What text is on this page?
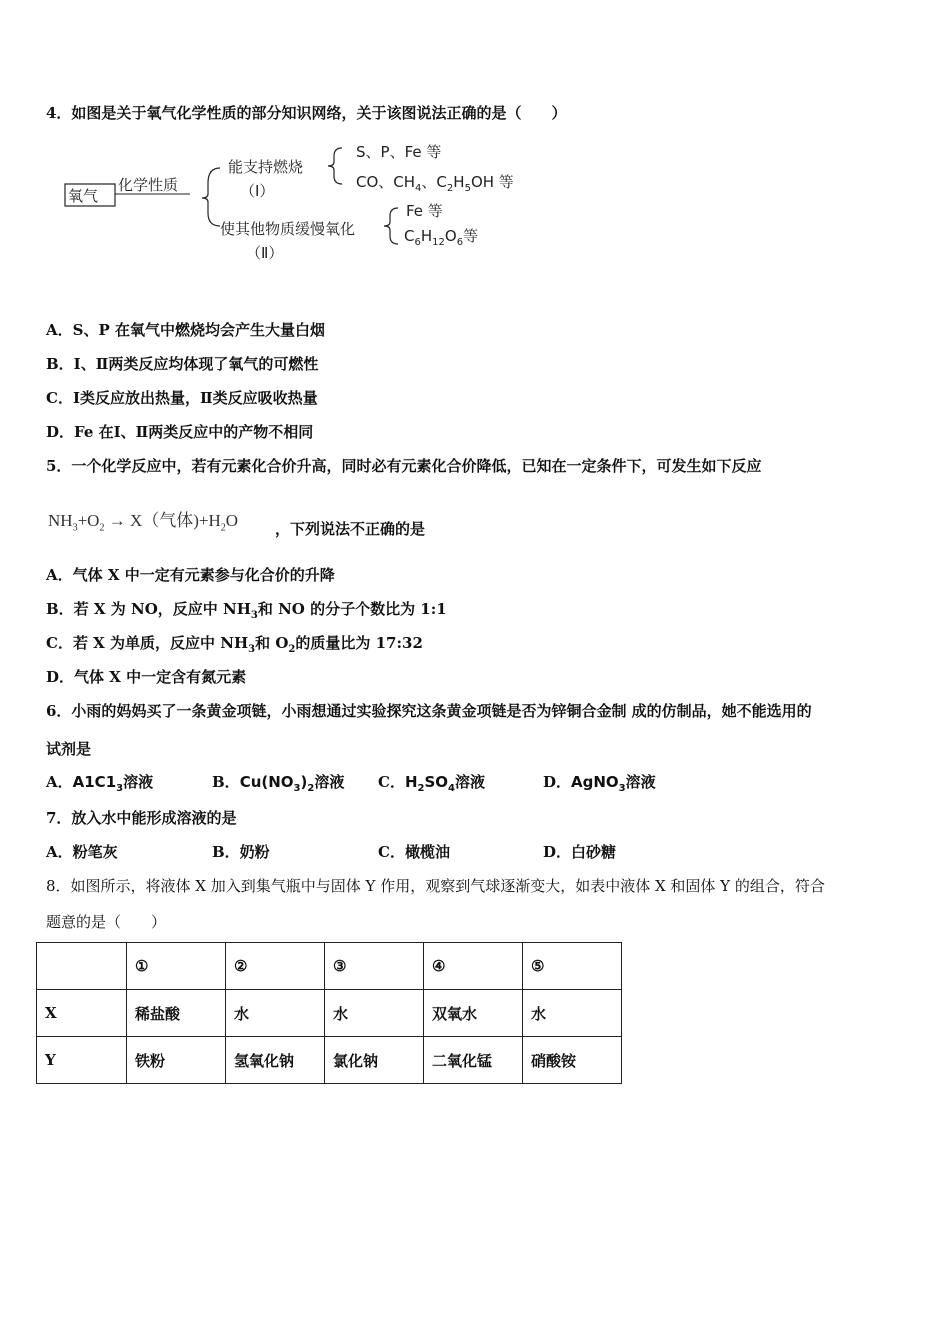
4．如图是关于氧气化学性质的部分知识网络，关于该图说法正确的是（　　）
氧气
化学性质
能支持燃烧
（Ⅰ）
S、P、Fe 等
CO、$CH_4$、$C_2H_5OH$ 等
使其他物质缓慢氧化
（Ⅱ）
Fe 等
$C_6H_{12}O_6$等
A．S、P 在氧气中燃烧均会产生大量白烟
B．Ⅰ、Ⅱ两类反应均体现了氧气的可燃性
C．Ⅰ类反应放出热量，Ⅱ类反应吸收热量
D．Fe 在Ⅰ、Ⅱ两类反应中的产物不相同
5．一个化学反应中，若有元素化合价升高，同时必有元素化合价降低，已知在一定条件下，可发生如下反应
$NH_3+O_2 \to X$（气体)$+H_2O$ ，下列说法不正确的是
A．气体 X 中一定有元素参与化合价的升降
B．若 X 为 NO，反应中 $NH_3$和 NO 的分子个数比为 1:1
C．若 X 为单质，反应中 $NH_3$和 $O_2$的质量比为 17:32
D．气体 X 中一定含有氮元素
6．小雨的妈妈买了一条黄金项链，小雨想通过实验探究这条黄金项链是否为锌铜合金制 成的仿制品，她不能选用的
试剂是
A．$A1C1_3$溶液	B．$Cu(NO_3)_2$溶液 C．$H_2SO_4$溶液	D．AgNO$_3$溶液
7．放入水中能形成溶液的是
A．粉笔灰	B．奶粉	C．橄榄油	D．白砂糖
8．如图所示，将液体 X 加入到集气瓶中与固体 Y 作用，观察到气球逐渐变大，如表中液体 X 和固体 Y 的组合，符合
题意的是（　　）
	①	②	③	④	⑤
X	稀盐酸	水	水	双氧水	水
Y	铁粉	氢氧化钠	氯化钠	二氧化锰	硝酸铵
